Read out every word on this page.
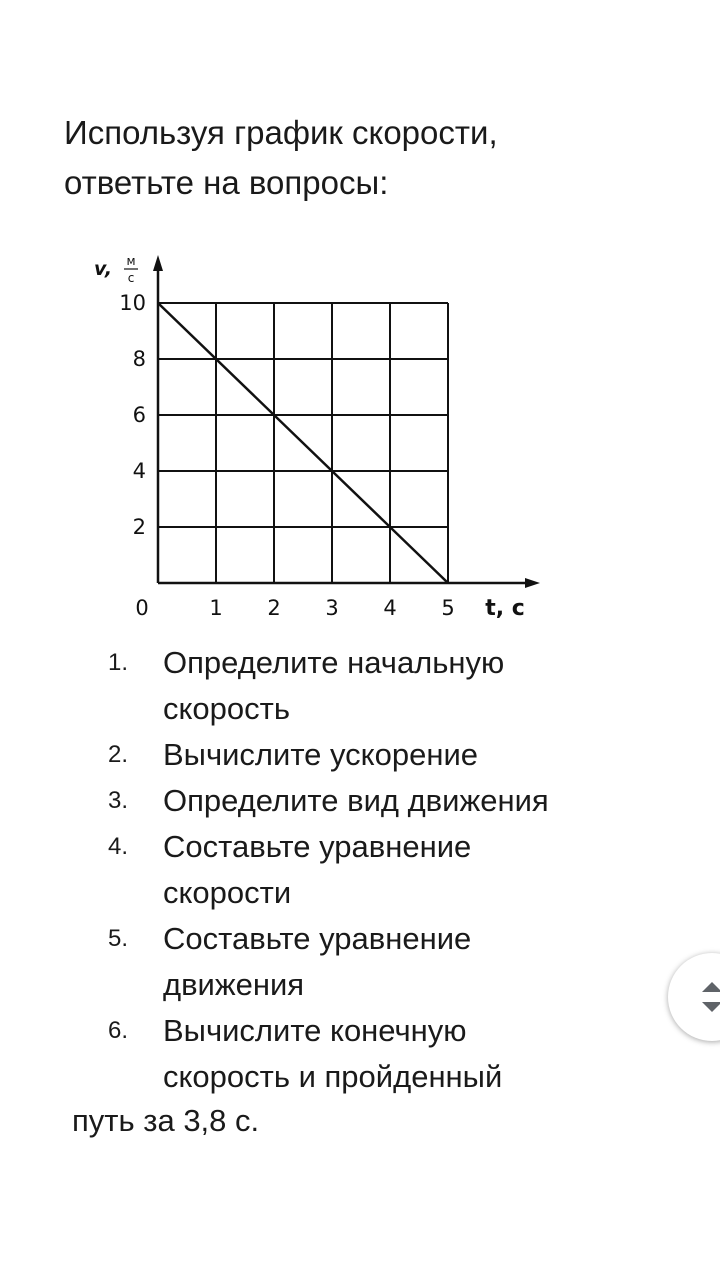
Используя график скорости,
ответьте на вопросы:
0	1 2 3 4 5
2
4
6
8
10
t, с
v, м
с
1.	Определите начальную
скорость
2.	Вычислите ускорение
3.	Определите вид движения
4.	Составьте уравнение
скорости
5.	Составьте уравнение
движения
6.	Вычислите конечную
скорость и пройденный
путь за 3,8 с.
